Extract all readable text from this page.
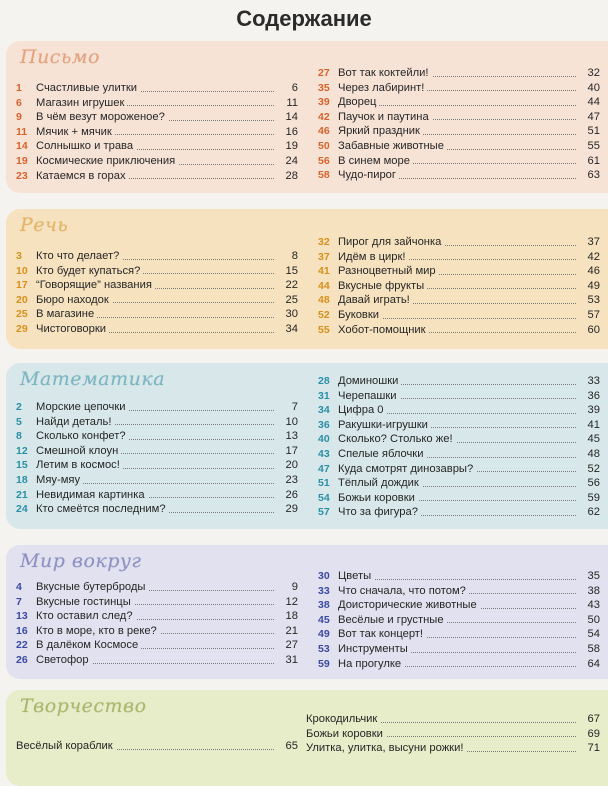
Содержание
Письмо
1	Счастливые улитки	6
6	Магазин игрушек	11
9	В чём везут мороженое?	14
11 Мячик + мячик	16
14 Солнышко и трава	19
19 Космические приключения	24
23 Катаемся в горах	28
27 Вот так коктейли!	32
35 Через лабиринт!	40
39 Дворец	44
42 Паучок и паутина	47
46 Яркий праздник	51
50 Забавные животные	55
56 В синем море	61
58 Чудо-пирог	63
Речь
3	Кто что делает?	8
10 Кто будет купаться?	15
17 “Говорящие” названия	22
20 Бюро находок	25
25 В магазине	30
29 Чистоговорки	34
32 Пирог для зайчонка	37
37 Идём в цирк!	42
41 Разноцветный мир	46
44 Вкусные фрукты	49
48 Давай играть!	53
52 Буковки	57
55 Хобот-помощник	60
Математика
2	Морские цепочки	7
5	Найди деталь!	10
8	Сколько конфет?	13
12 Смешной клоун	17
15 Летим в космос!	20
18 Мяу-мяу	23
21 Невидимая картинка	26
24 Кто смеётся последним?	29
28 Доминошки	33
31 Черепашки	36
34 Цифра 0	39
36 Ракушки-игрушки	41
40 Сколько? Столько же!	45
43 Спелые яблочки	48
47 Куда смотрят динозавры?	52
51 Тёплый дождик	56
54 Божьи коровки	59
57 Что за фигура?	62
Мир вокруг
4	Вкусные бутерброды	9
7	Вкусные гостинцы	12
13 Кто оставил след?	18
16 Кто в море, кто в реке?	21
22 В далёком Космосе	27
26 Светофор	31
30 Цветы	35
33 Что сначала, что потом?	38
38 Доисторические животные	43
45 Весёлые и грустные	50
49 Вот так концерт!	54
53 Инструменты	58
59 На прогулке	64
Творчество
Весёлый кораблик	65
Крокодильчик	67
Божьи коровки	69
Улитка, улитка, высуни рожки!	71
